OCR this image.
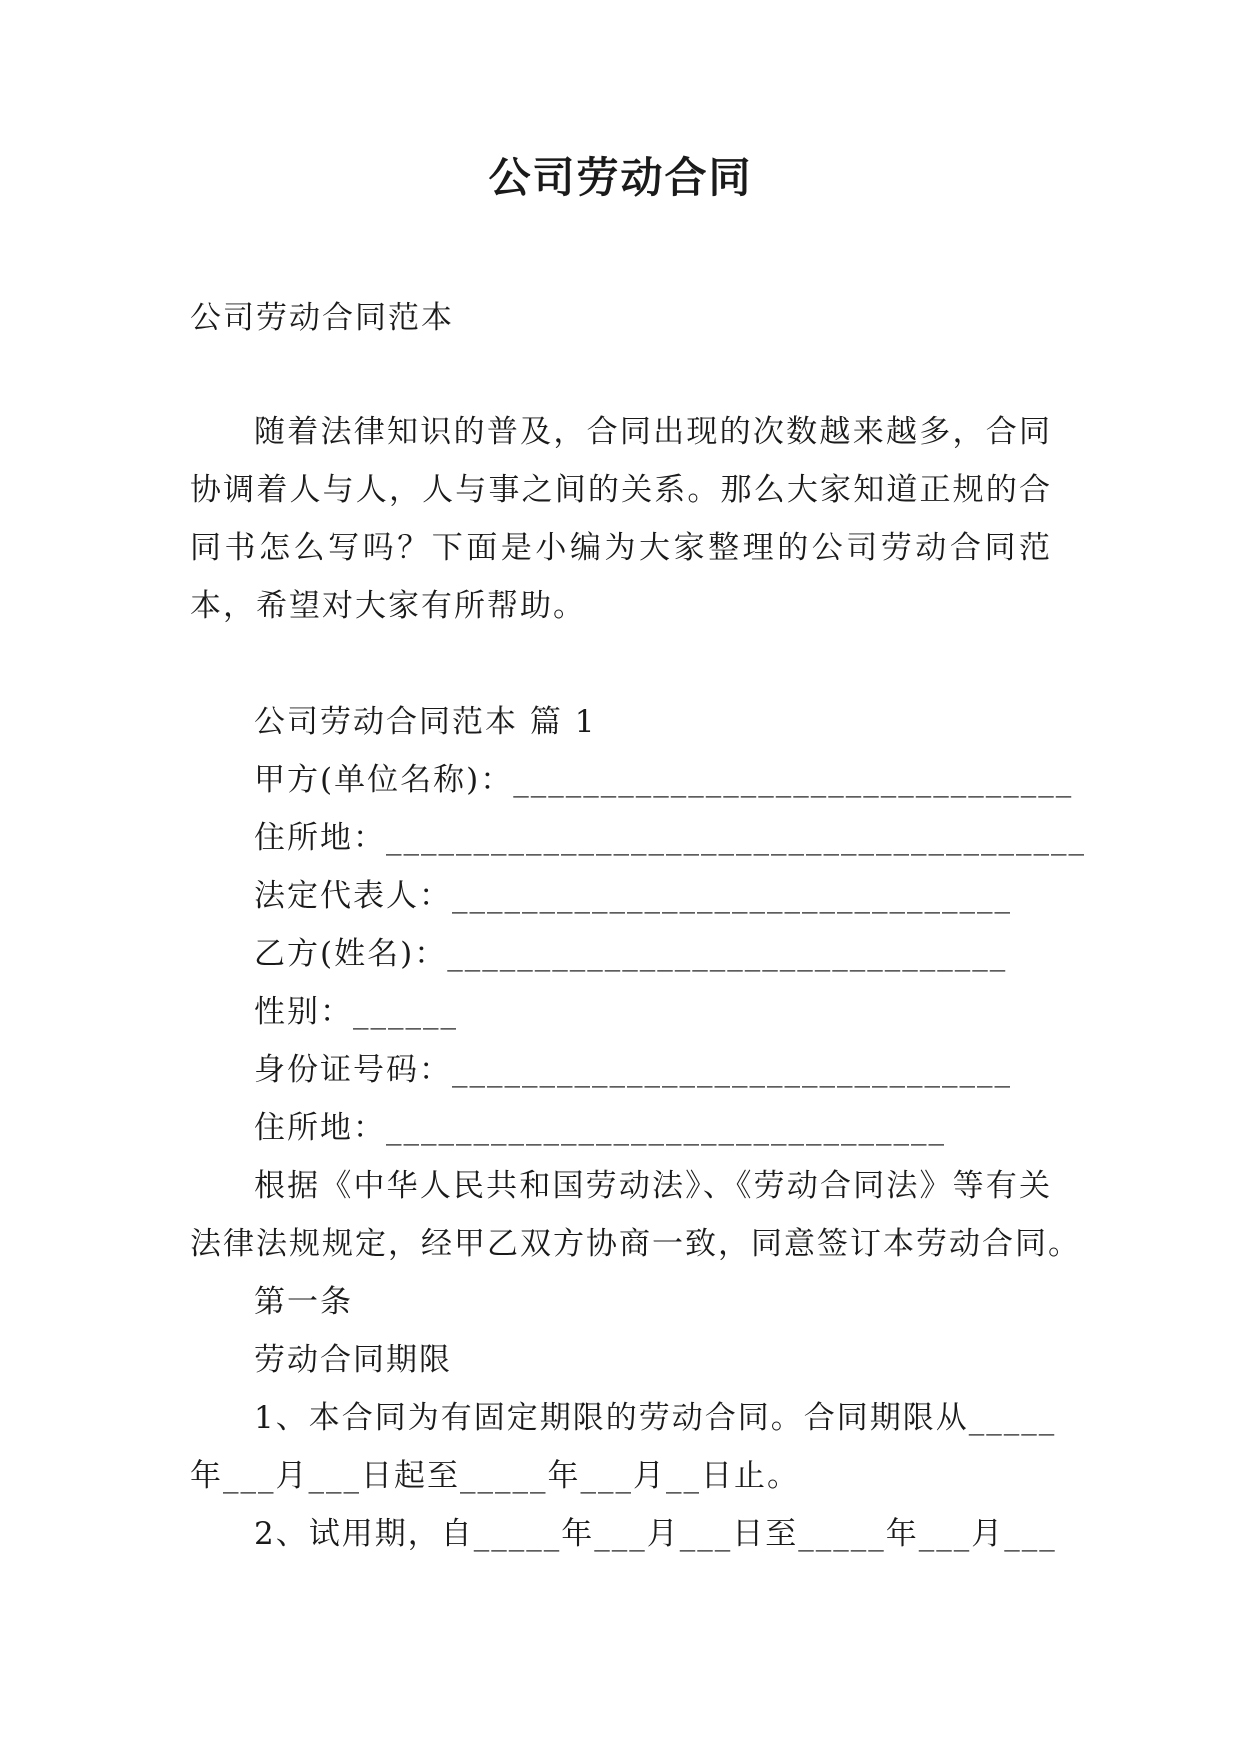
公司劳动合同
公司劳动合同范本
随着法律知识的普及，合同出现的次数越来越多，合同
协调着人与人，人与事之间的关系。那么大家知道正规的合
同书怎么写吗？下面是小编为大家整理的公司劳动合同范
本，希望对大家有所帮助。
公司劳动合同范本 篇 1
甲方(单位名称)：________________________________
住所地：________________________________________
法定代表人：________________________________
乙方(姓名)：________________________________
性别：______
身份证号码：________________________________
住所地：________________________________
根据《中华人民共和国劳动法》、《劳动合同法》等有关
法律法规规定，经甲乙双方协商一致，同意签订本劳动合同。
第一条
劳动合同期限
1、本合同为有固定期限的劳动合同。合同期限从_____
年___月___日起至_____年___月__日止。
2、试用期，自_____年___月___日至_____年___月___
